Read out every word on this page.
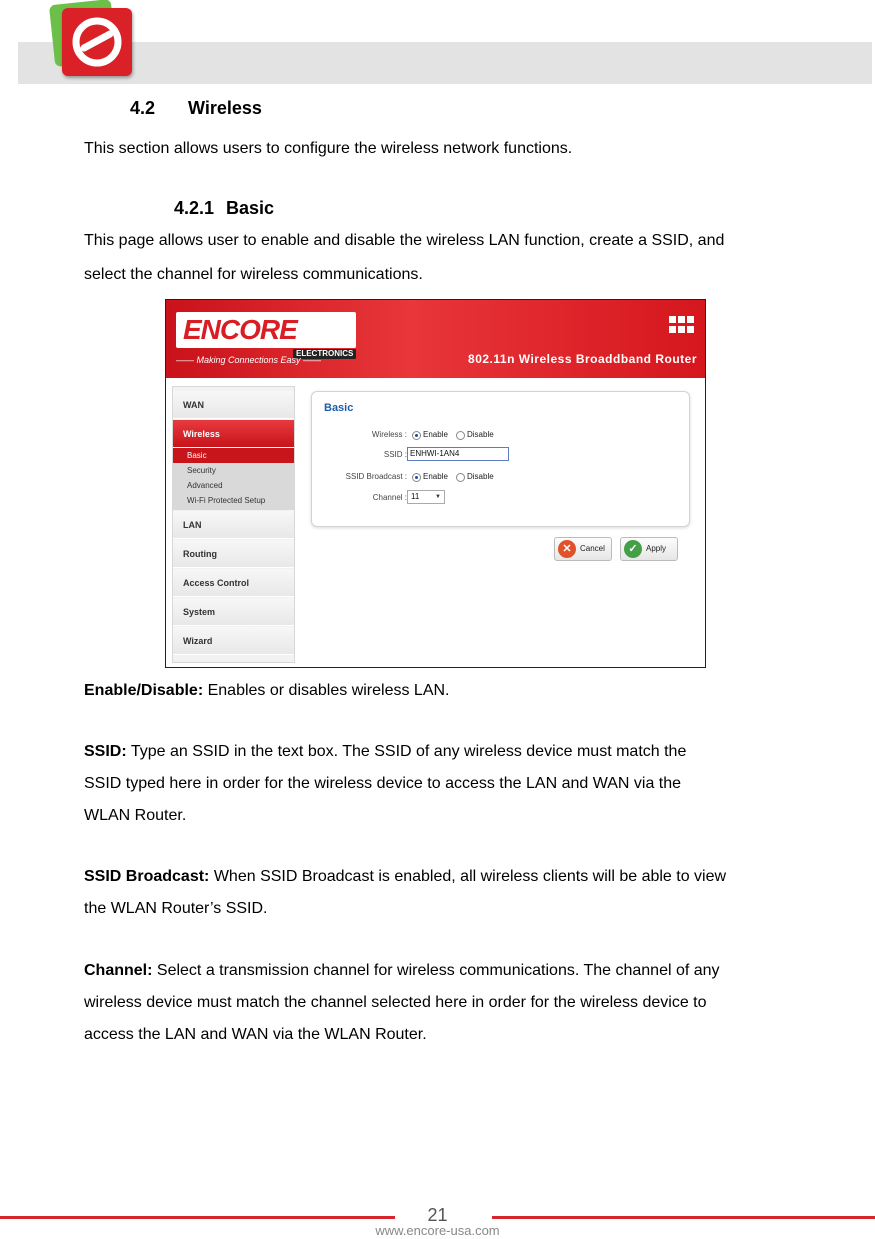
4.2 Wireless
This section allows users to configure the wireless network functions.
4.2.1 Basic
This page allows user to enable and disable the wireless LAN function, create a SSID, and
select the channel for wireless communications.
ENCORE
ELECTRONICS
—— Making Connections Easy ——	802.11n Wireless Broaddband Router
WAN
Wireless
Basic
Security
Advanced
Wi-Fi Protected Setup
LAN
Routing
Access Control
System
Wizard
Basic
Wireless : Enable Disable
SSID : ENHWI-1AN4
SSID Broadcast : Enable Disable
Channel : 11	▼
✕	Cancel	✓	Apply
Enable/Disable: Enables or disables wireless LAN.
SSID: Type an SSID in the text box. The SSID of any wireless device must match the
SSID typed here in order for the wireless device to access the LAN and WAN via the
WLAN Router.
SSID Broadcast: When SSID Broadcast is enabled, all wireless clients will be able to view
the WLAN Router’s SSID.
Channel: Select a transmission channel for wireless communications. The channel of any
wireless device must match the channel selected here in order for the wireless device to
access the LAN and WAN via the WLAN Router.
21
www.encore-usa.com
